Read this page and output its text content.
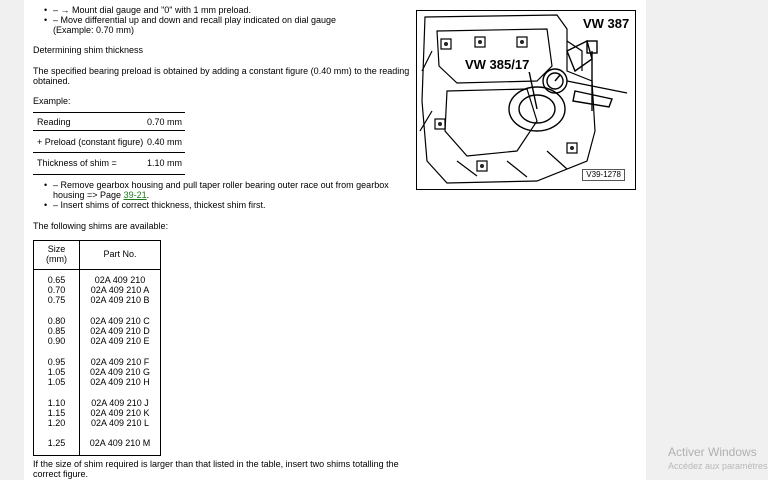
• – → Mount dial gauge and "0" with 1 mm preload.
• – Move differential up and down and recall play indicated on dial gauge
(Example: 0.70 mm)
Determining shim thickness
The specified bearing preload is obtained by adding a constant figure (0.40 mm) to the reading
obtained.
Example:
Reading	0.70 mm
+ Preload (constant figure) 0.40 mm
Thickness of shim =	1.10 mm
• – Remove gearbox housing and pull taper roller bearing outer race out from gearbox
housing => Page 39-21.
• – Insert shims of correct thickness, thickest shim first.
The following shims are available:
Size
(mm)	Part No.
0.65	02A 409 210
0.70	02A 409 210 A
0.75	02A 409 210 B
0.80	02A 409 210 C
0.85	02A 409 210 D
0.90	02A 409 210 E
0.95	02A 409 210 F
1.05	02A 409 210 G
1.05	02A 409 210 H
1.10	02A 409 210 J
1.15	02A 409 210 K
1.20	02A 409 210 L
1.25	02A 409 210 M
If the size of shim required is larger than that listed in the table, insert two shims totalling the
correct figure.
VW 387
VW 385/17
V39-1278
Activer Windows
Accédez aux paramètres
